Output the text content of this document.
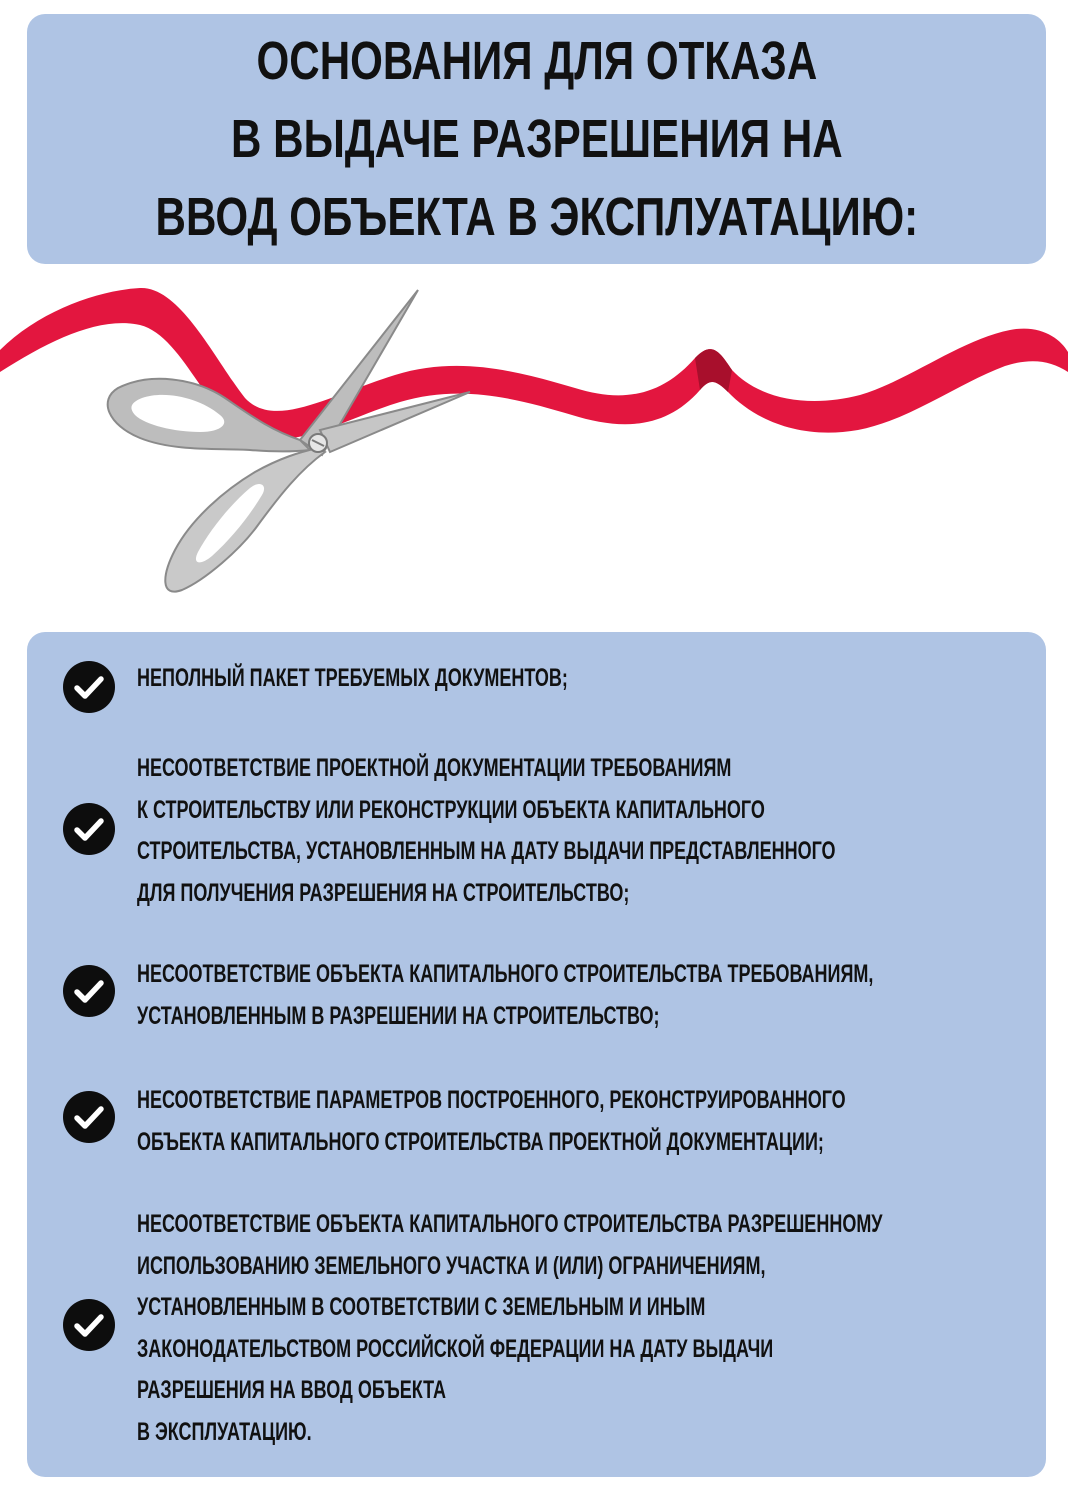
ОСНОВАНИЯ ДЛЯ ОТКАЗА
В ВЫДАЧЕ РАЗРЕШЕНИЯ НА
ВВОД ОБЪЕКТА В ЭКСПЛУАТАЦИЮ:

НЕПОЛНЫЙ ПАКЕТ ТРЕБУЕМЫХ ДОКУМЕНТОВ;

НЕСООТВЕТСТВИЕ ПРОЕКТНОЙ ДОКУМЕНТАЦИИ ТРЕБОВАНИЯМ
К СТРОИТЕЛЬСТВУ ИЛИ РЕКОНСТРУКЦИИ ОБЪЕКТА КАПИТАЛЬНОГО
СТРОИТЕЛЬСТВА, УСТАНОВЛЕННЫМ НА ДАТУ ВЫДАЧИ ПРЕДСТАВЛЕННОГО
ДЛЯ ПОЛУЧЕНИЯ РАЗРЕШЕНИЯ НА СТРОИТЕЛЬСТВО;

НЕСООТВЕТСТВИЕ ОБЪЕКТА КАПИТАЛЬНОГО СТРОИТЕЛЬСТВА ТРЕБОВАНИЯМ,
УСТАНОВЛЕННЫМ В РАЗРЕШЕНИИ НА СТРОИТЕЛЬСТВО;

НЕСООТВЕТСТВИЕ ПАРАМЕТРОВ ПОСТРОЕННОГО, РЕКОНСТРУИРОВАННОГО
ОБЪЕКТА КАПИТАЛЬНОГО СТРОИТЕЛЬСТВА ПРОЕКТНОЙ ДОКУМЕНТАЦИИ;

НЕСООТВЕТСТВИЕ ОБЪЕКТА КАПИТАЛЬНОГО СТРОИТЕЛЬСТВА РАЗРЕШЕННОМУ
ИСПОЛЬЗОВАНИЮ ЗЕМЕЛЬНОГО УЧАСТКА И (ИЛИ) ОГРАНИЧЕНИЯМ,
УСТАНОВЛЕННЫМ В СООТВЕТСТВИИ С ЗЕМЕЛЬНЫМ И ИНЫМ
ЗАКОНОДАТЕЛЬСТВОМ РОССИЙСКОЙ ФЕДЕРАЦИИ НА ДАТУ ВЫДАЧИ
РАЗРЕШЕНИЯ НА ВВОД ОБЪЕКТА
В ЭКСПЛУАТАЦИЮ.
